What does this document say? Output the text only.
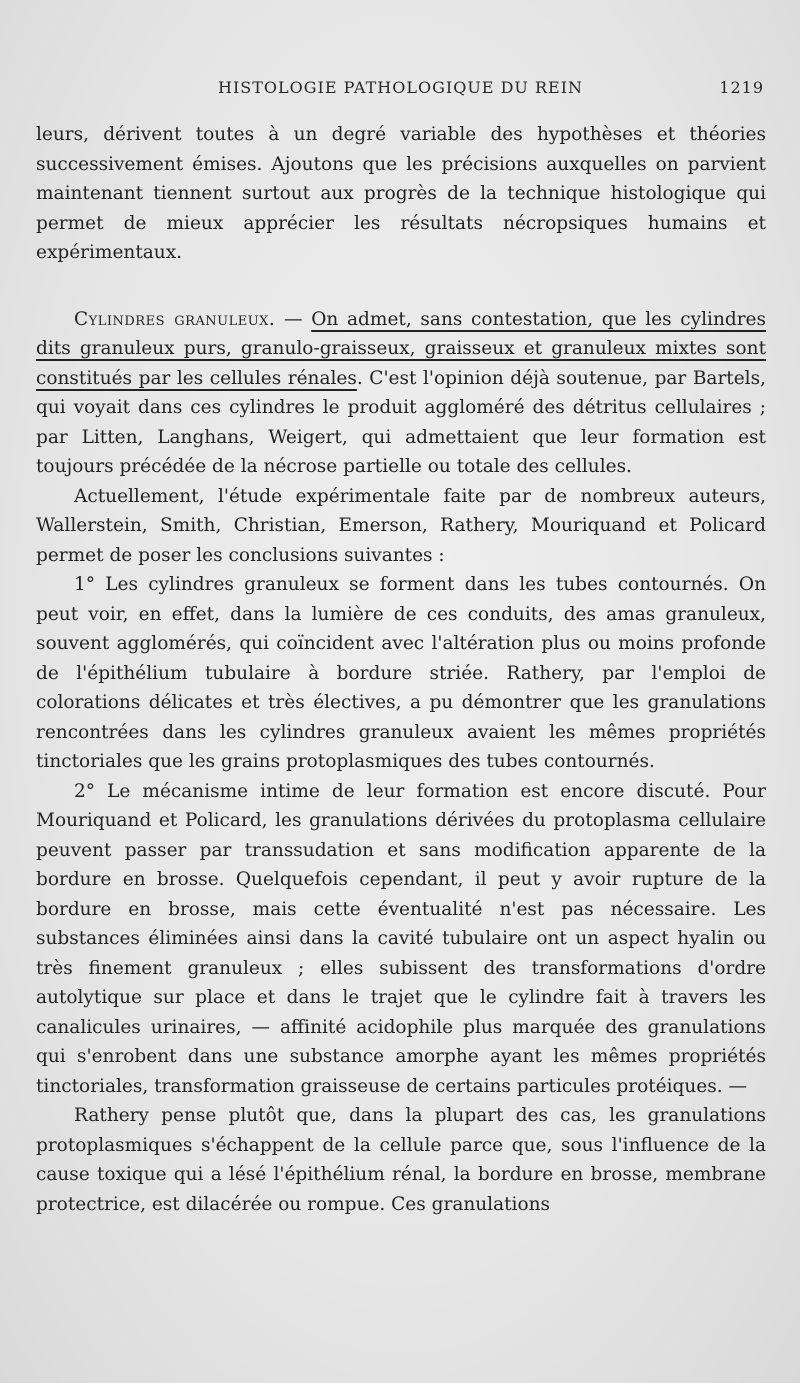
HISTOLOGIE PATHOLOGIQUE DU REIN	1219

leurs, dérivent toutes à un degré variable des hypothèses et théories successivement émises. Ajoutons que les précisions auxquelles on parvient maintenant tiennent surtout aux progrès de la technique histologique qui permet de mieux apprécier les résultats nécropsiques humains et expérimentaux.

Cylindres granuleux. — On admet, sans contestation, que les cylindres dits granuleux purs, granulo-graisseux, graisseux et granuleux mixtes sont constitués par les cellules rénales. C'est l'opinion déjà soutenue, par Bartels, qui voyait dans ces cylindres le produit aggloméré des détritus cellulaires ; par Litten, Langhans, Weigert, qui admettaient que leur formation est toujours précédée de la nécrose partielle ou totale des cellules.

Actuellement, l'étude expérimentale faite par de nombreux auteurs, Wallerstein, Smith, Christian, Emerson, Rathery, Mouriquand et Policard permet de poser les conclusions suivantes :

1° Les cylindres granuleux se forment dans les tubes contournés. On peut voir, en effet, dans la lumière de ces conduits, des amas granuleux, souvent agglomérés, qui coïncident avec l'altération plus ou moins profonde de l'épithélium tubulaire à bordure striée. Rathery, par l'emploi de colorations délicates et très électives, a pu démontrer que les granulations rencontrées dans les cylindres granuleux avaient les mêmes propriétés tinctoriales que les grains protoplasmiques des tubes contournés.

2° Le mécanisme intime de leur formation est encore discuté. Pour Mouriquand et Policard, les granulations dérivées du protoplasma cellulaire peuvent passer par transsudation et sans modification apparente de la bordure en brosse. Quelquefois cependant, il peut y avoir rupture de la bordure en brosse, mais cette éventualité n'est pas nécessaire. Les substances éliminées ainsi dans la cavité tubulaire ont un aspect hyalin ou très finement granuleux ; elles subissent des transformations d'ordre autolytique sur place et dans le trajet que le cylindre fait à travers les canalicules urinaires, — affinité acidophile plus marquée des granulations qui s'enrobent dans une substance amorphe ayant les mêmes propriétés tinctoriales, transformation graisseuse de certains particules protéiques. —

Rathery pense plutôt que, dans la plupart des cas, les granulations protoplasmiques s'échappent de la cellule parce que, sous l'influence de la cause toxique qui a lésé l'épithélium rénal, la bordure en brosse, membrane protectrice, est dilacérée ou rompue. Ces granulations
